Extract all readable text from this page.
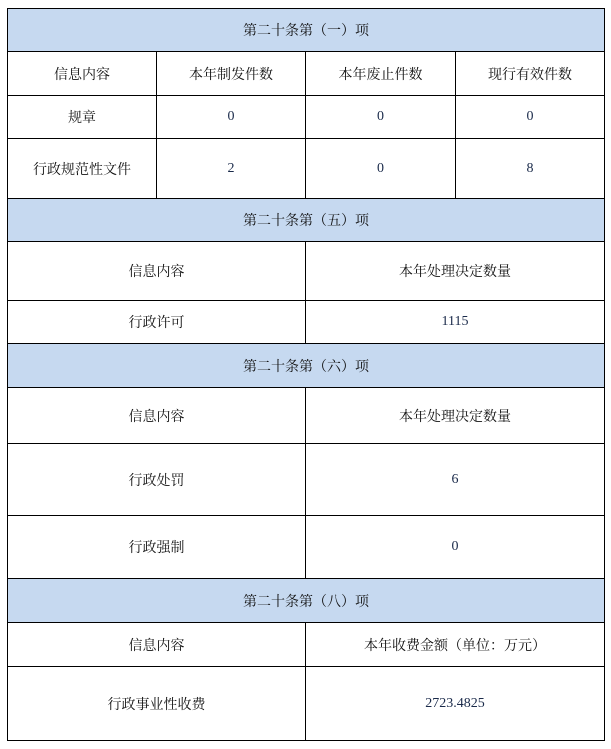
第二十条第（一）项			
信息内容	本年制发件数	本年废止件数	现行有效件数
规章	0	0	0
行政规范性文件	2	0	8
第二十条第（五）项			
信息内容		本年处理决定数量	
行政许可		1115	
第二十条第（六）项			
信息内容		本年处理决定数量	
行政处罚		6	
行政强制		0	
第二十条第（八）项			
信息内容		本年收费金额（单位：万元）	
行政事业性收费		2723.4825	
